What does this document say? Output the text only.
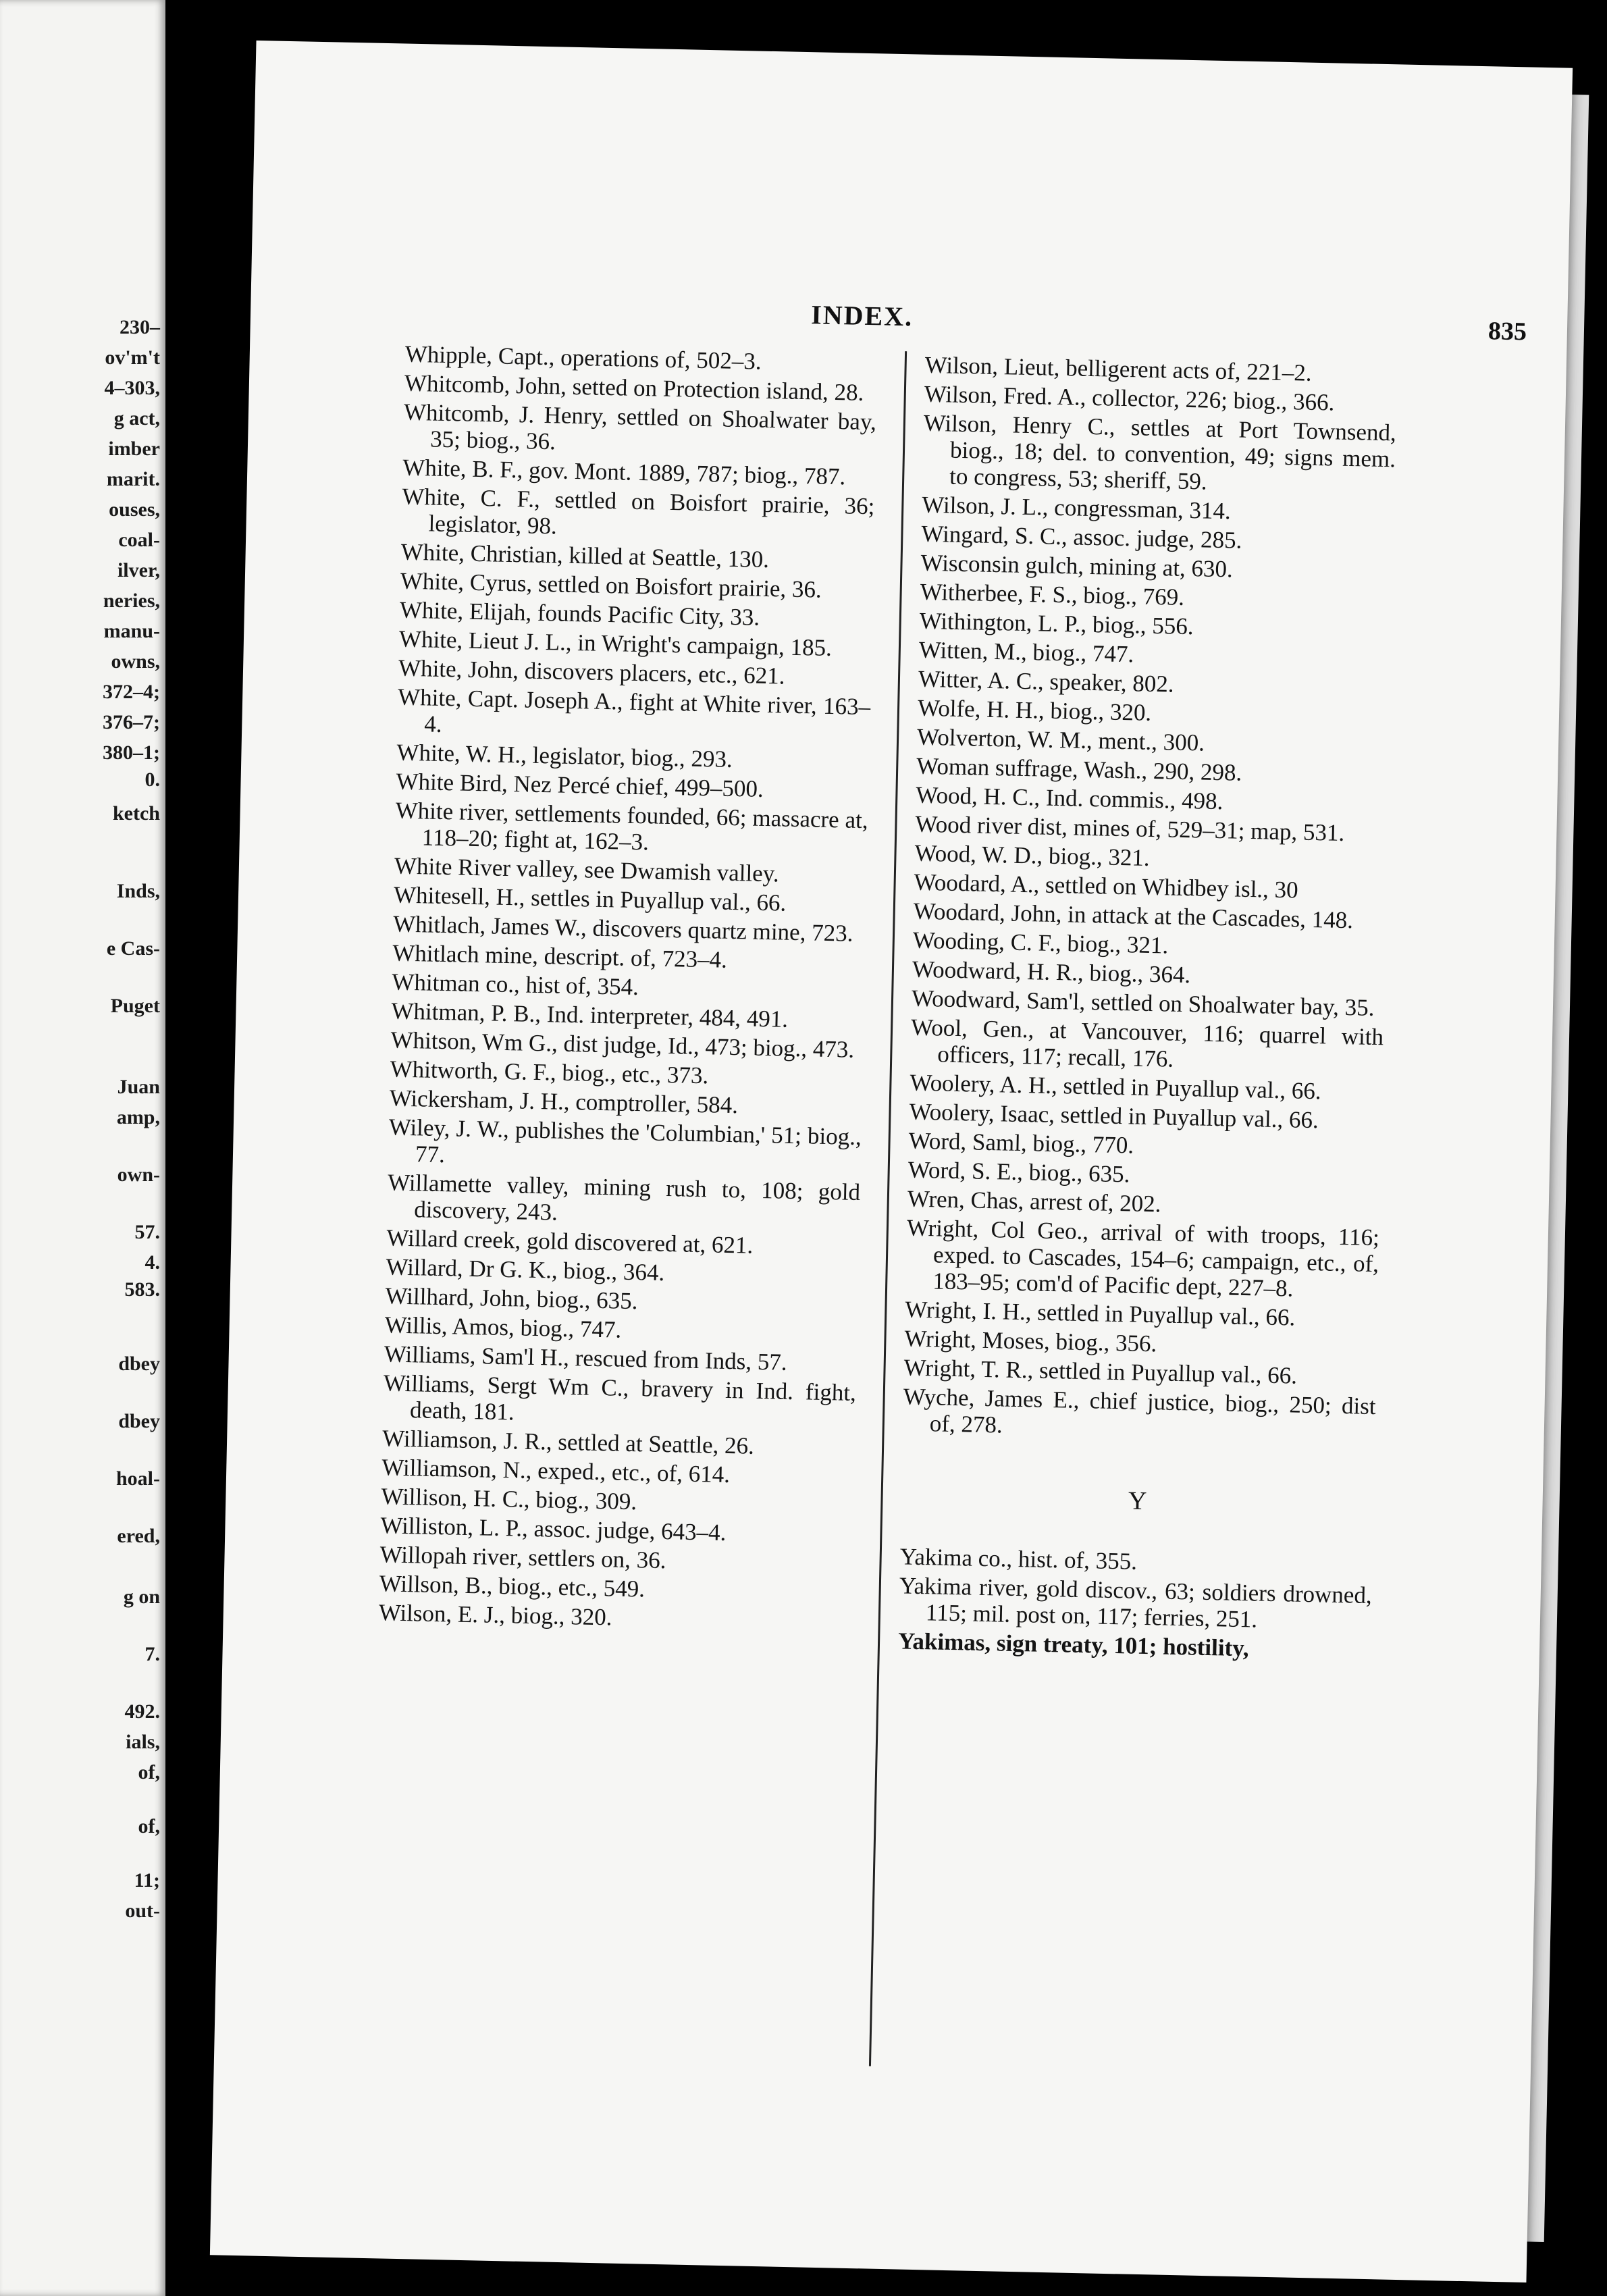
230–
ov'm't
4–303,
g act,
imber
marit.
ouses,
coal-
ilver,
neries,
manu-
owns,
372–4;
376–7;
380–1;
0.
ketch
Inds,
e Cas-
Puget
Juan
amp,
own-
57.
4.
583.
dbey
dbey
hoal-
ered,
g on
7.
492.
ials,
of,
of,
11;
out-
INDEX.	835
Whipple, Capt., operations of, 502–3.
Whitcomb, John, setted on Protection island, 28.
Whitcomb, J. Henry, settled on Shoalwater bay, 35; biog., 36.
White, B. F., gov. Mont. 1889, 787; biog., 787.
White, C. F., settled on Boisfort prairie, 36; legislator, 98.
White, Christian, killed at Seattle, 130.
White, Cyrus, settled on Boisfort prairie, 36.
White, Elijah, founds Pacific City, 33.
White, Lieut J. L., in Wright's campaign, 185.
White, John, discovers placers, etc., 621.
White, Capt. Joseph A., fight at White river, 163–4.
White, W. H., legislator, biog., 293.
White Bird, Nez Percé chief, 499–500.
White river, settlements founded, 66; massacre at, 118–20; fight at, 162–3.
White River valley, see Dwamish valley.
Whitesell, H., settles in Puyallup val., 66.
Whitlach, James W., discovers quartz mine, 723.
Whitlach mine, descript. of, 723–4.
Whitman co., hist of, 354.
Whitman, P. B., Ind. interpreter, 484, 491.
Whitson, Wm G., dist judge, Id., 473; biog., 473.
Whitworth, G. F., biog., etc., 373.
Wickersham, J. H., comptroller, 584.
Wiley, J. W., publishes the 'Columbian,' 51; biog., 77.
Willamette valley, mining rush to, 108; gold discovery, 243.
Willard creek, gold discovered at, 621.
Willard, Dr G. K., biog., 364.
Willhard, John, biog., 635.
Willis, Amos, biog., 747.
Williams, Sam'l H., rescued from Inds, 57.
Williams, Sergt Wm C., bravery in Ind. fight, death, 181.
Williamson, J. R., settled at Seattle, 26.
Williamson, N., exped., etc., of, 614.
Willison, H. C., biog., 309.
Williston, L. P., assoc. judge, 643–4.
Willopah river, settlers on, 36.
Willson, B., biog., etc., 549.
Wilson, E. J., biog., 320.
Wilson, Lieut, belligerent acts of, 221–2.
Wilson, Fred. A., collector, 226; biog., 366.
Wilson, Henry C., settles at Port Townsend, biog., 18; del. to convention, 49; signs mem. to congress, 53; sheriff, 59.
Wilson, J. L., congressman, 314.
Wingard, S. C., assoc. judge, 285.
Wisconsin gulch, mining at, 630.
Witherbee, F. S., biog., 769.
Withington, L. P., biog., 556.
Witten, M., biog., 747.
Witter, A. C., speaker, 802.
Wolfe, H. H., biog., 320.
Wolverton, W. M., ment., 300.
Woman suffrage, Wash., 290, 298.
Wood, H. C., Ind. commis., 498.
Wood river dist, mines of, 529–31; map, 531.
Wood, W. D., biog., 321.
Woodard, A., settled on Whidbey isl., 30
Woodard, John, in attack at the Cascades, 148.
Wooding, C. F., biog., 321.
Woodward, H. R., biog., 364.
Woodward, Sam'l, settled on Shoalwater bay, 35.
Wool, Gen., at Vancouver, 116; quarrel with officers, 117; recall, 176.
Woolery, A. H., settled in Puyallup val., 66.
Woolery, Isaac, settled in Puyallup val., 66.
Word, Saml, biog., 770.
Word, S. E., biog., 635.
Wren, Chas, arrest of, 202.
Wright, Col Geo., arrival of with troops, 116; exped. to Cascades, 154–6; campaign, etc., of, 183–95; com'd of Pacific dept, 227–8.
Wright, I. H., settled in Puyallup val., 66.
Wright, Moses, biog., 356.
Wright, T. R., settled in Puyallup val., 66.
Wyche, James E., chief justice, biog., 250; dist of, 278.
Y
Yakima co., hist. of, 355.
Yakima river, gold discov., 63; soldiers drowned, 115; mil. post on, 117; ferries, 251.
Yakimas, sign treaty, 101; hostility,
